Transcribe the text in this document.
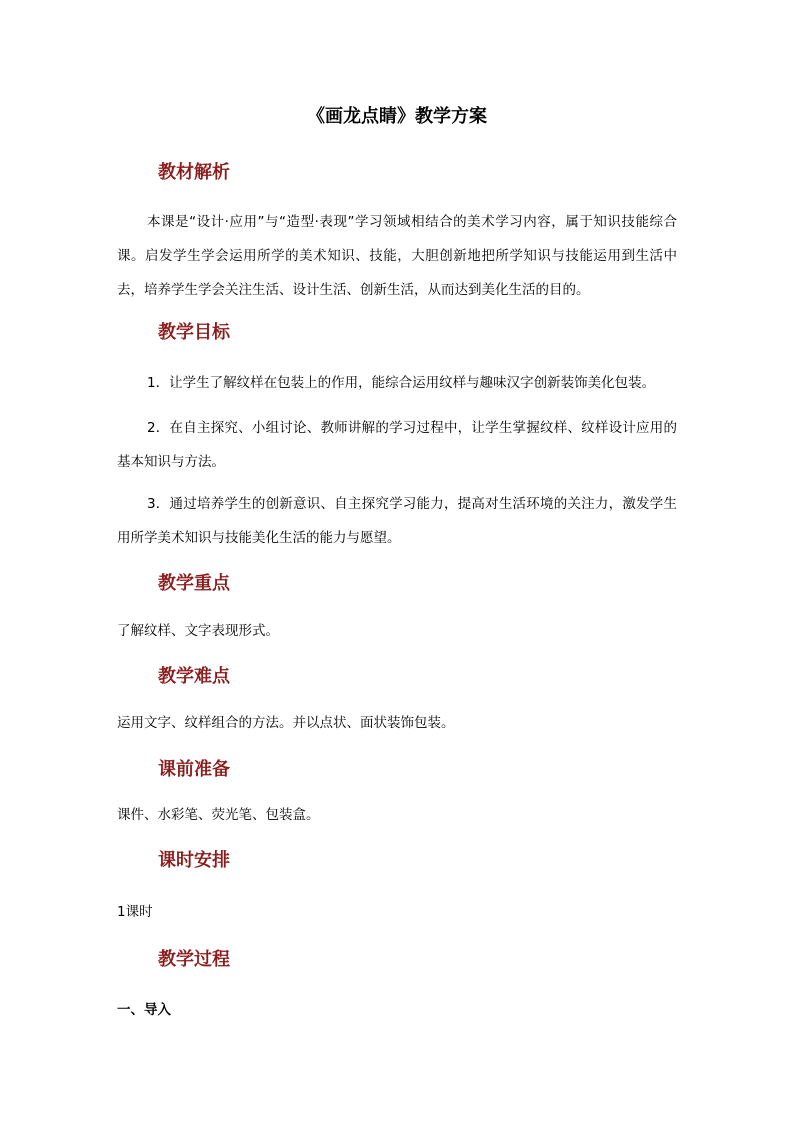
《画龙点睛》教学方案
教材解析
本课是“设计·应用”与“造型·表现”学习领域相结合的美术学习内容，属于知识技能综合课。启发学生学会运用所学的美术知识、技能，大胆创新地把所学知识与技能运用到生活中去，培养学生学会关注生活、设计生活、创新生活，从而达到美化生活的目的。
教学目标
1．让学生了解纹样在包装上的作用，能综合运用纹样与趣味汉字创新装饰美化包装。
2．在自主探究、小组讨论、教师讲解的学习过程中，让学生掌握纹样、纹样设计应用的基本知识与方法。
3．通过培养学生的创新意识、自主探究学习能力，提高对生活环境的关注力，激发学生用所学美术知识与技能美化生活的能力与愿望。
教学重点
了解纹样、文字表现形式。
教学难点
运用文字、纹样组合的方法。并以点状、面状装饰包装。
课前准备
课件、水彩笔、荧光笔、包装盒。
课时安排
1课时
教学过程
一、导入
